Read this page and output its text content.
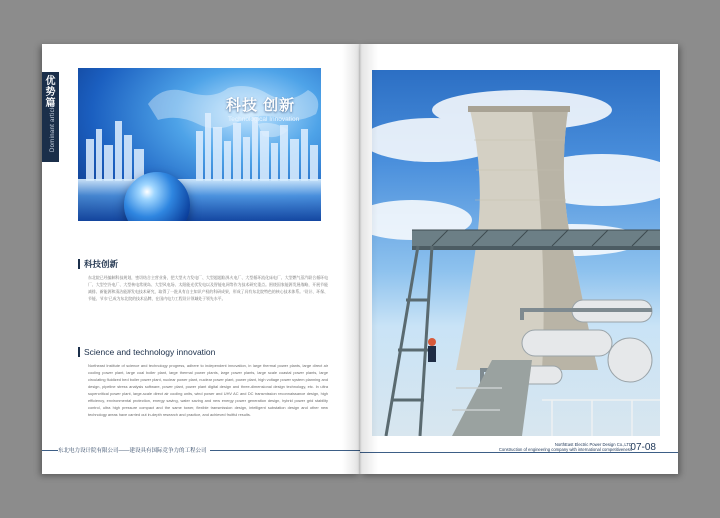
优势篇
Dominant article	科技 创新
Technological Innovation
科技创新
东北院已经编制科技规划，密切结合主营业务，把大型火力发电厂、大型超超临界火电厂、大型循环流化床电厂、大型燃气蒸汽联合循环电厂、大型空冷电厂、大型核电常规岛、大型风电场、太阳能光伏发电以及智能电网等作为技术研究重点。围绕国家能源发展战略，开展节能减排、新能源和清洁能源发电技术研究，取得了一批具有自主知识产权的科研成果，形成了具有东北院特色的核心技术体系。“设计、环保、节能、节水”已成为东北院的技术品牌，在国内电力工程设计领域处于领先水平。
Science and technology innovation
Northeast Institute of science and technology progress, adhere to independent innovation, in large thermal power plants, large direct air cooling power plant, large coal boiler plant, large thermal power plants, large power plants, large scale coastal power plants, large circulating fluidized bed boiler power plant, nuclear power plant, nuclear power plant, power plant, high voltage power system planning and design, pipeline stress analysis software, power plant, power plant digital design and three-dimensional design technology, etc. In ultra supercritical power plant, large-scale direct air cooling units, wind power and UHV AC and DC transmission reconnaissance design, high efficiency, environmental protection, energy saving, water saving and new energy power generation design, hybrid power grid stability control, ultra high pressure compact and the same tower, flexible transmission design, intelligent substation design and other new technology areas have carried out in-depth research and practice, and achieved fruitful results.
东北电力设计院有限公司——建设具有国际竞争力的工程公司
NorthEast Electric Power Design Co.,LTD
Construction of engineering company with international competitiveness
07-08
